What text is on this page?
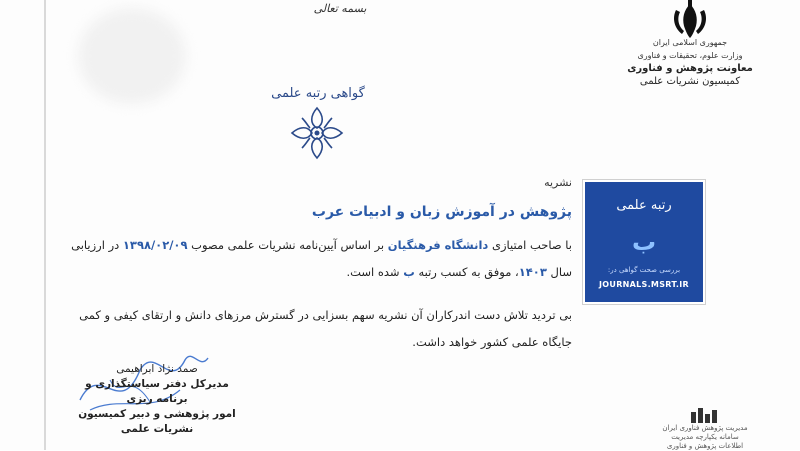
بسمه تعالی
جمهوری اسلامی ایران
وزارت علوم، تحقیقات و فناوری
معاونت پژوهش و فناوری
کمیسیون نشریات علمی
گواهی رتبه علمی
نشریه
پژوهش در آموزش زبان و ادبیات عرب
با صاحب امتیازی دانشگاه فرهنگیان بر اساس آیین‌نامه نشریات علمی مصوب ۱۳۹۸/۰۲/۰۹ در ارزیابی سال ۱۴۰۳، موفق به کسب رتبه ب شده است.
بی تردید تلاش دست اندرکاران آن نشریه سهم بسزایی در گسترش مرزهای دانش و ارتقای کیفی و کمی جایگاه علمی کشور خواهد داشت.
رتبه علمی
ب
بررسی صحت گواهی در:
JOURNALS.MSRT.IR
صمد نژاد ابراهیمی
مدیرکل دفتر سیاستگذاری و برنامه ریزی
امور پژوهشی و دبیر کمیسیون
نشریات علمی	مدیریت پژوهش فناوری ایران
سامانه یکپارچه مدیریت
اطلاعات پژوهش و فناوری
